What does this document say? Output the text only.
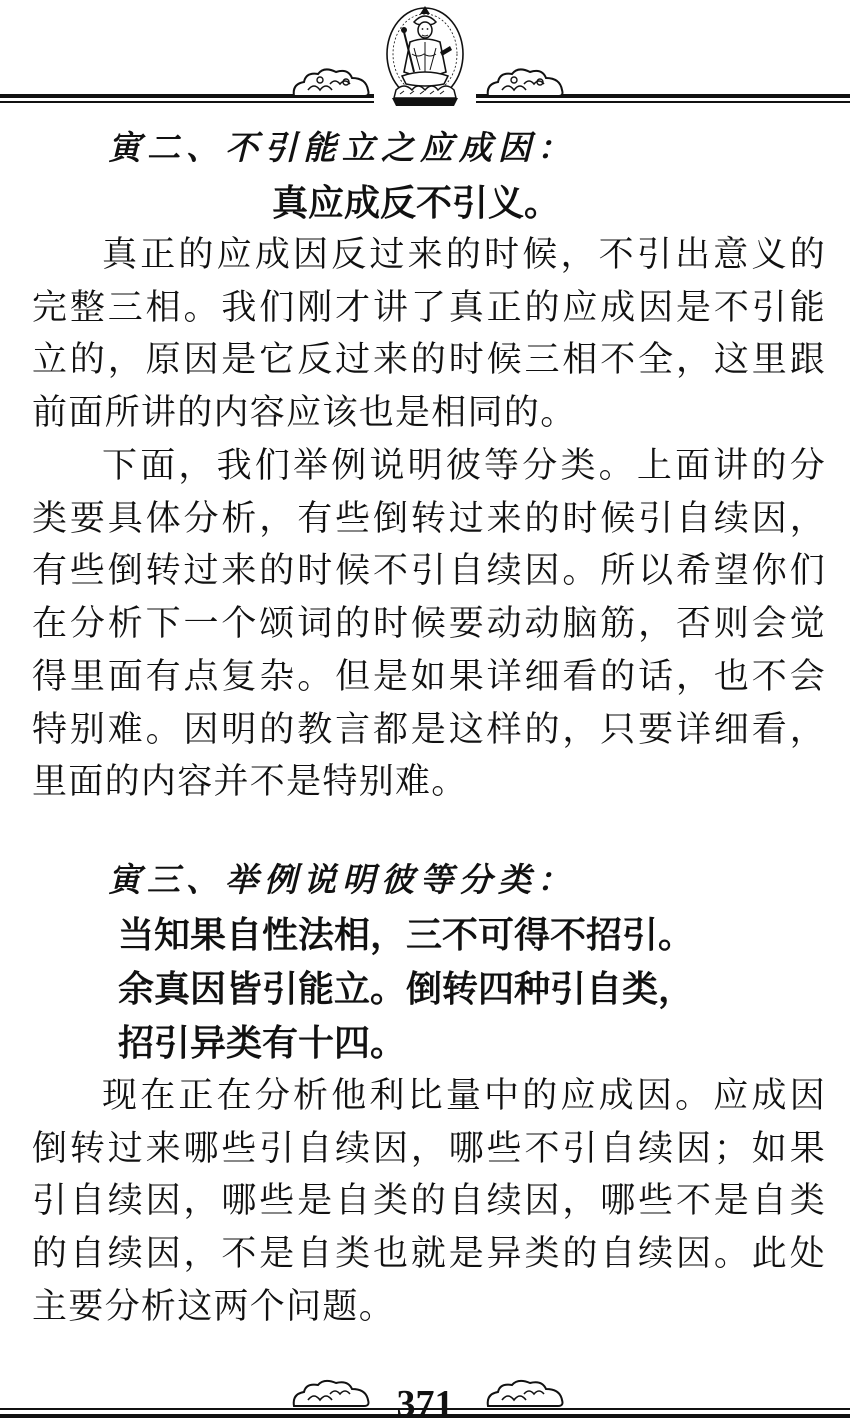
寅二、不引能立之应成因：
真应成反不引义。
真正的应成因反过来的时候，不引出意义的完整三相。我们刚才讲了真正的应成因是不引能立的，原因是它反过来的时候三相不全，这里跟前面所讲的内容应该也是相同的。
下面，我们举例说明彼等分类。上面讲的分类要具体分析，有些倒转过来的时候引自续因，有些倒转过来的时候不引自续因。所以希望你们在分析下一个颂词的时候要动动脑筋，否则会觉得里面有点复杂。但是如果详细看的话，也不会特别难。因明的教言都是这样的，只要详细看，里面的内容并不是特别难。
寅三、举例说明彼等分类：
当知果自性法相，三不可得不招引。
余真因皆引能立。倒转四种引自类，
招引异类有十四。
现在正在分析他利比量中的应成因。应成因倒转过来哪些引自续因，哪些不引自续因；如果引自续因，哪些是自类的自续因，哪些不是自类的自续因，不是自类也就是异类的自续因。此处主要分析这两个问题。
371
